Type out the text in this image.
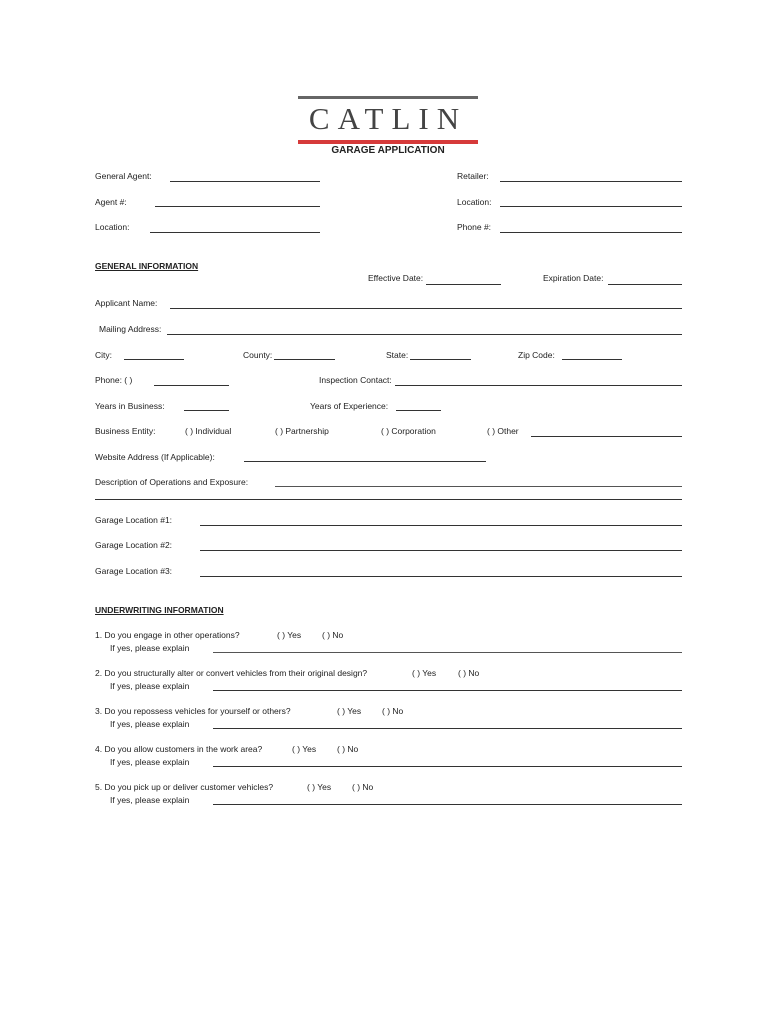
CATLIN
GARAGE APPLICATION
General Agent:	Retailer:
Agent #:	Location:
Location:	Phone #:
GENERAL INFORMATION
Effective Date:	Expiration Date:
Applicant Name:
Mailing Address:
City:	County:	State:	Zip Code:
Phone: ( )	Inspection Contact:
Years in Business:	Years of Experience:
Business Entity:	( ) Individual	( ) Partnership	( ) Corporation	( ) Other
Website Address (If Applicable):
Description of Operations and Exposure:
Garage Location #1:
Garage Location #2:
Garage Location #3:
UNDERWRITING INFORMATION
1. Do you engage in other operations?	( ) Yes ( ) No
If yes, please explain
2. Do you structurally alter or convert vehicles from their original design?	( ) Yes	( ) No
If yes, please explain
3. Do you repossess vehicles for yourself or others?	( ) Yes ( ) No
If yes, please explain
4. Do you allow customers in the work area?	( ) Yes ( ) No
If yes, please explain
5. Do you pick up or deliver customer vehicles?	( ) Yes ( ) No
If yes, please explain
